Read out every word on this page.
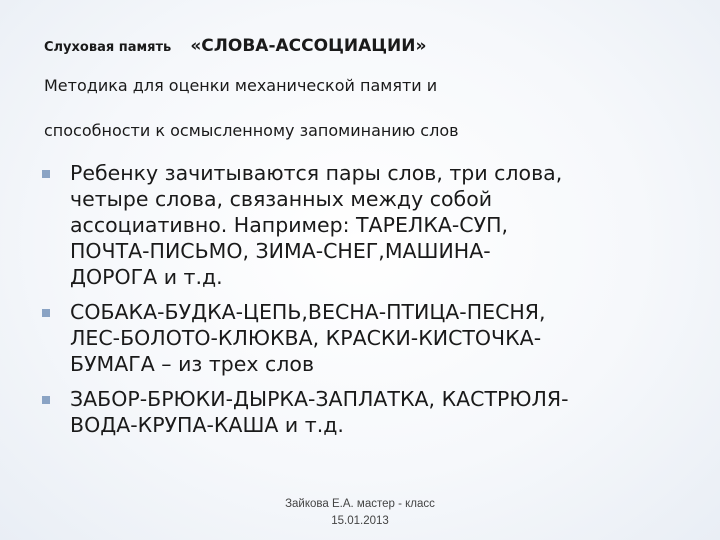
Слуховая память «СЛОВА-АССОЦИАЦИИ»
Методика для оценки механической памяти и
способности к осмысленному запоминанию слов
Ребенку зачитываются пары слов, три слова,
четыре слова, связанных между собой
ассоциативно. Например: ТАРЕЛКА-СУП,
ПОЧТА-ПИСЬМО, ЗИМА-СНЕГ,МАШИНА-
ДОРОГА и т.д.
СОБАКА-БУДКА-ЦЕПЬ,ВЕСНА-ПТИЦА-ПЕСНЯ,
ЛЕС-БОЛОТО-КЛЮКВА, КРАСКИ-КИСТОЧКА-
БУМАГА – из трех слов
ЗАБОР-БРЮКИ-ДЫРКА-ЗАПЛАТКА, КАСТРЮЛЯ-
ВОДА-КРУПА-КАША и т.д.
Зайкова Е.А. мастер - класс
15.01.2013
